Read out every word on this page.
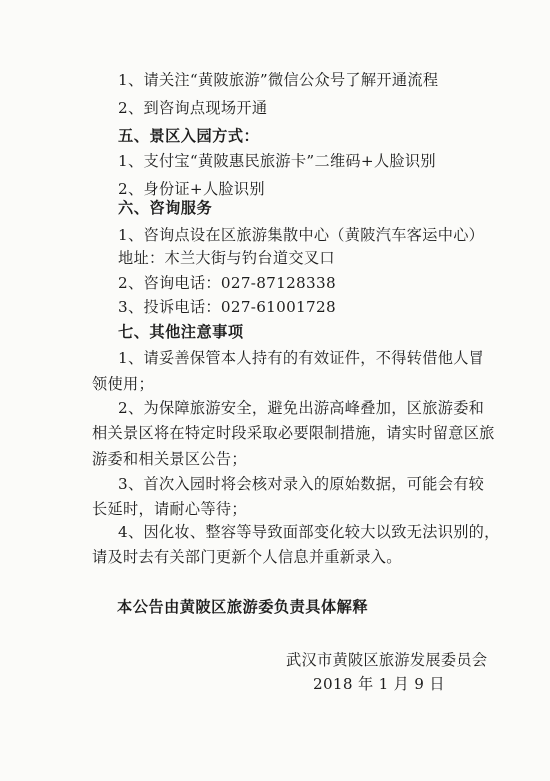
1、请关注“黄陂旅游”微信公众号了解开通流程
2、到咨询点现场开通
五、景区入园方式：
1、支付宝“黄陂惠民旅游卡”二维码+人脸识别
2、身份证+人脸识别
六、咨询服务
1、咨询点设在区旅游集散中心（黄陂汽车客运中心）
地址：木兰大街与钓台道交叉口
2、咨询电话：027-87128338
3、投诉电话：027-61001728
七、其他注意事项
1、请妥善保管本人持有的有效证件，不得转借他人冒
领使用；
2、为保障旅游安全，避免出游高峰叠加，区旅游委和
相关景区将在特定时段采取必要限制措施，请实时留意区旅
游委和相关景区公告；
3、首次入园时将会核对录入的原始数据，可能会有较
长延时，请耐心等待；
4、因化妆、整容等导致面部变化较大以致无法识别的，
请及时去有关部门更新个人信息并重新录入。
本公告由黄陂区旅游委负责具体解释
武汉市黄陂区旅游发展委员会
2018 年 1 月 9 日
